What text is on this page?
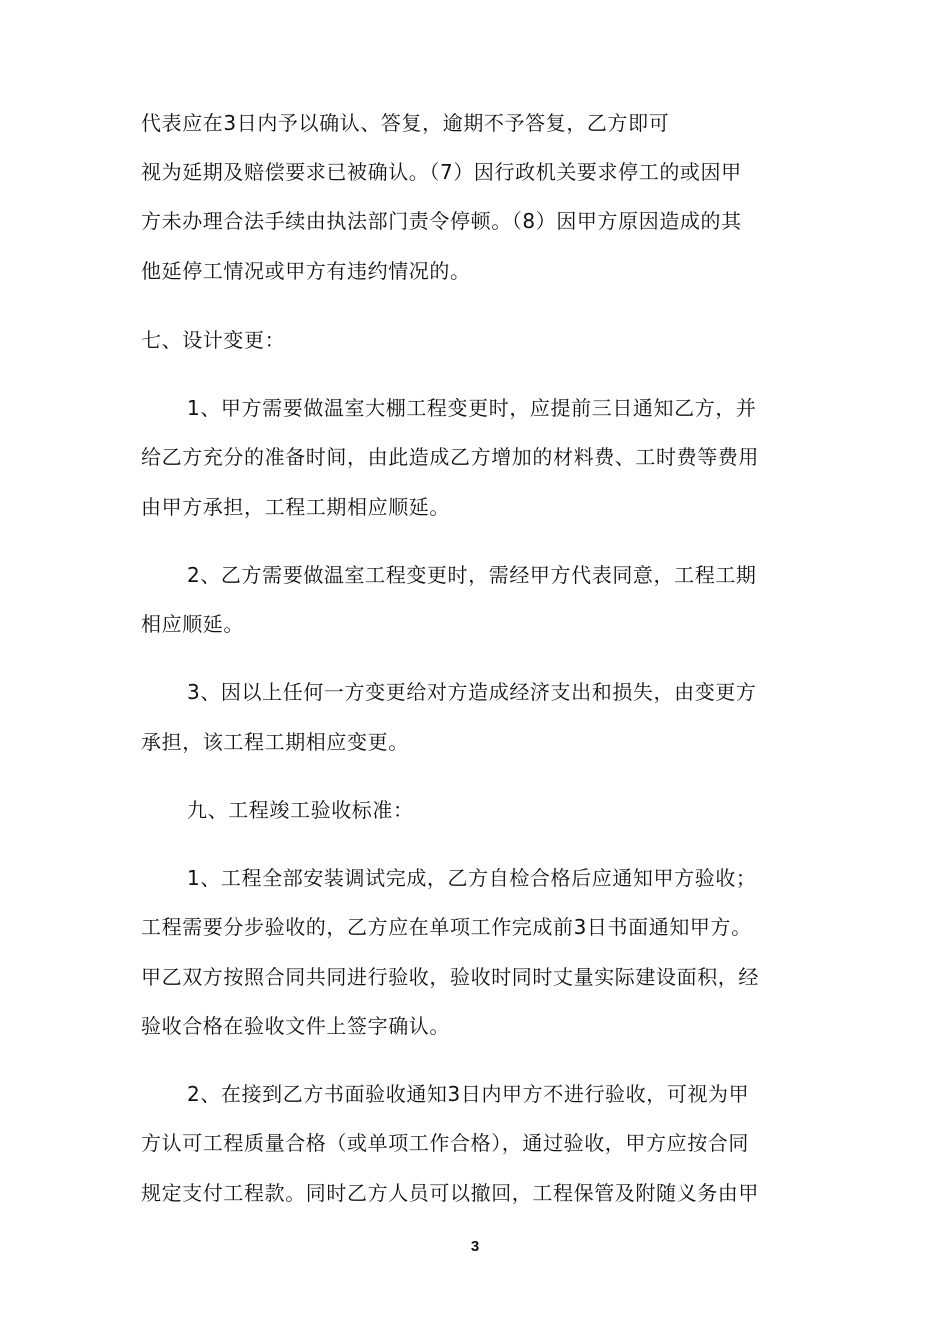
代表应在3日内予以确认、答复，逾期不予答复，乙方即可
视为延期及赔偿要求已被确认。（7）因行政机关要求停工的或因甲
方未办理合法手续由执法部门责令停顿。（8）因甲方原因造成的其
他延停工情况或甲方有违约情况的。
七、设计变更：
1、甲方需要做温室大棚工程变更时，应提前三日通知乙方，并
给乙方充分的准备时间，由此造成乙方增加的材料费、工时费等费用
由甲方承担，工程工期相应顺延。
2、乙方需要做温室工程变更时，需经甲方代表同意，工程工期
相应顺延。
3、因以上任何一方变更给对方造成经济支出和损失，由变更方
承担，该工程工期相应变更。
九、工程竣工验收标准：
1、工程全部安装调试完成，乙方自检合格后应通知甲方验收；
工程需要分步验收的，乙方应在单项工作完成前3日书面通知甲方。
甲乙双方按照合同共同进行验收，验收时同时丈量实际建设面积，经
验收合格在验收文件上签字确认。
2、在接到乙方书面验收通知3日内甲方不进行验收，可视为甲
方认可工程质量合格（或单项工作合格），通过验收，甲方应按合同
规定支付工程款。同时乙方人员可以撤回，工程保管及附随义务由甲
3
